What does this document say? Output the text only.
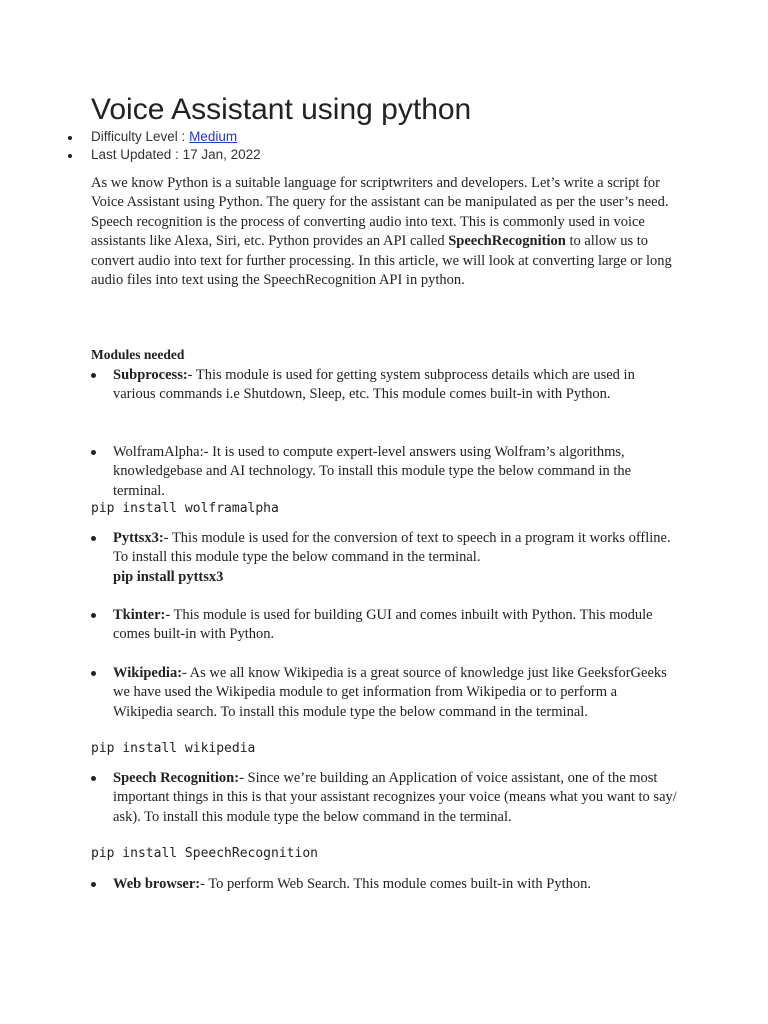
Voice Assistant using python
Difficulty Level : Medium
Last Updated : 17 Jan, 2022

As we know Python is a suitable language for scriptwriters and developers. Let’s write a script for Voice Assistant using Python. The query for the assistant can be manipulated as per the user’s need.

Speech recognition is the process of converting audio into text. This is commonly used in voice assistants like Alexa, Siri, etc. Python provides an API called SpeechRecognition to allow us to convert audio into text for further processing. In this article, we will look at converting large or long audio files into text using the SpeechRecognition API in python.

Modules needed
Subprocess:- This module is used for getting system subprocess details which are used in various commands i.e Shutdown, Sleep, etc. This module comes built-in with Python.
WolframAlpha:- It is used to compute expert-level answers using Wolfram’s algorithms, knowledgebase and AI technology. To install this module type the below command in the terminal.
pip install wolframalpha
Pyttsx3:- This module is used for the conversion of text to speech in a program it works offline. To install this module type the below command in the terminal.
pip install pyttsx3
Tkinter:- This module is used for building GUI and comes inbuilt with Python. This module comes built-in with Python.
Wikipedia:- As we all know Wikipedia is a great source of knowledge just like GeeksforGeeks we have used the Wikipedia module to get information from Wikipedia or to perform a Wikipedia search. To install this module type the below command in the terminal.
pip install wikipedia
Speech Recognition:- Since we’re building an Application of voice assistant, one of the most important things in this is that your assistant recognizes your voice (means what you want to say/ ask). To install this module type the below command in the terminal.
pip install SpeechRecognition
Web browser:- To perform Web Search. This module comes built-in with Python.
